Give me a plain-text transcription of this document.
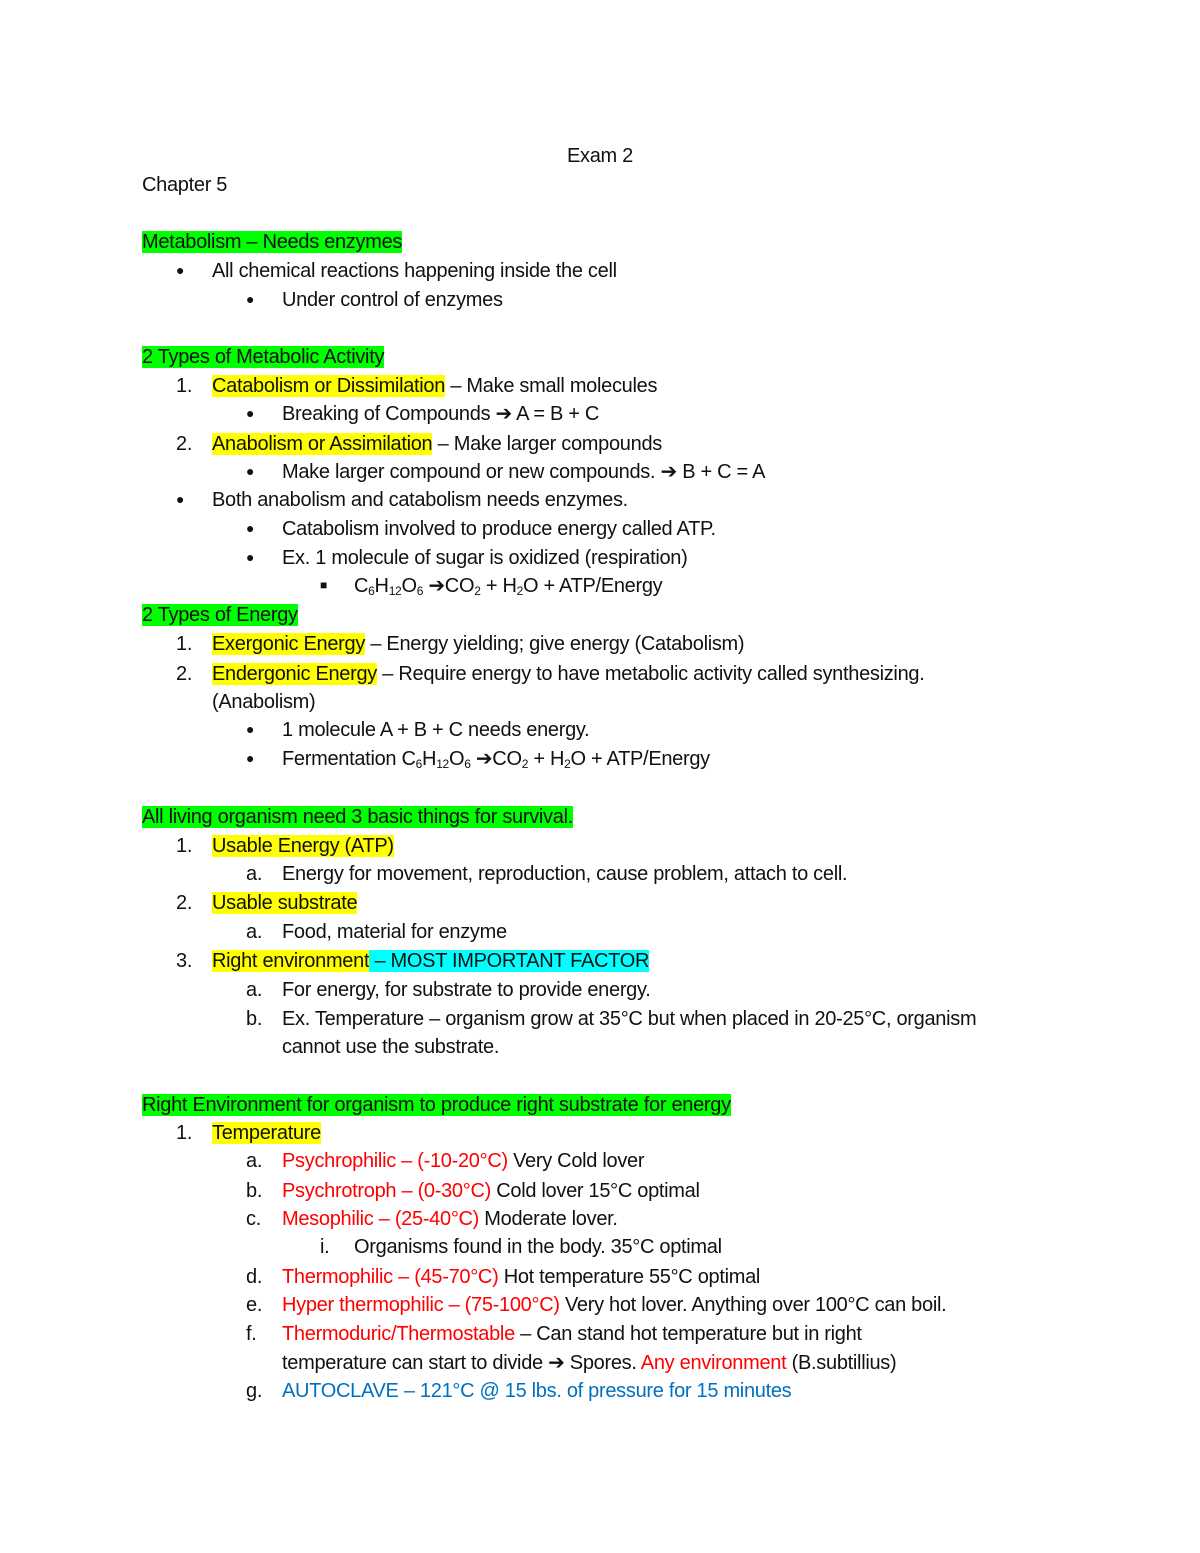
Exam 2
Chapter 5
Metabolism – Needs enzymes
● All chemical reactions happening inside the cell
● Under control of enzymes
2 Types of Metabolic Activity
1. Catabolism or Dissimilation – Make small molecules
● Breaking of Compounds ➔ A = B + C
2. Anabolism or Assimilation – Make larger compounds
● Make larger compound or new compounds. ➔ B + C = A
● Both anabolism and catabolism needs enzymes.
● Catabolism involved to produce energy called ATP.
● Ex. 1 molecule of sugar is oxidized (respiration)
■ $C_6H_{12}O_6$ $➔CO_2 + H_2O$ + ATP/Energy
2 Types of Energy
1. Exergonic Energy – Energy yielding; give energy (Catabolism)
2. Endergonic Energy – Require energy to have metabolic activity called synthesizing.
(Anabolism)
● 1 molecule A + B + C needs energy.
● Fermentation $C_6H_{12}O_6$ $➔CO_2 + H_2O$ + ATP/Energy
All living organism need 3 basic things for survival.
1. Usable Energy (ATP)
a. Energy for movement, reproduction, cause problem, attach to cell.
2. Usable substrate
a. Food, material for enzyme
3. Right environment – MOST IMPORTANT FACTOR
a. For energy, for substrate to provide energy.
b. Ex. Temperature – organism grow at 35°C but when placed in 20-25°C, organism
cannot use the substrate.
Right Environment for organism to produce right substrate for energy
1. Temperature
a. Psychrophilic – (-10-20°C) Very Cold lover
b. Psychrotroph – (0-30°C) Cold lover 15°C optimal
c. Mesophilic – (25-40°C) Moderate lover.
i. Organisms found in the body. 35°C optimal
d. Thermophilic – (45-70°C) Hot temperature 55°C optimal
e. Hyper thermophilic – (75-100°C) Very hot lover. Anything over 100°C can boil.
f. Thermoduric/Thermostable – Can stand hot temperature but in right
temperature can start to divide ➔ Spores. Any environment (B.subtillius)
g. AUTOCLAVE – 121°C @ 15 lbs. of pressure for 15 minutes
